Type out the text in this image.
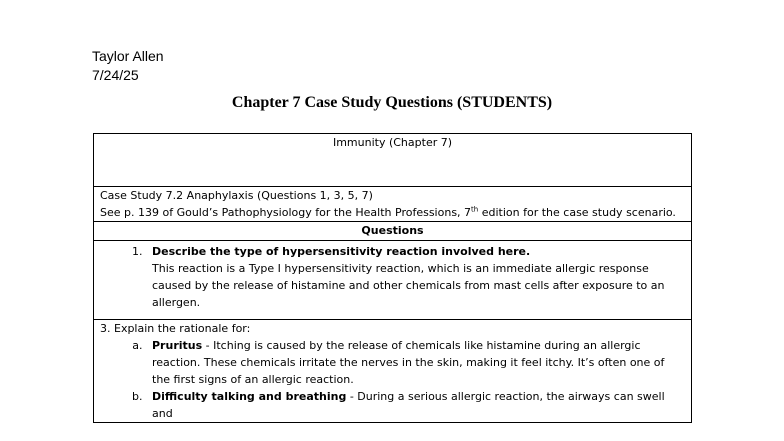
Taylor Allen
7/24/25
Chapter 7 Case Study Questions (STUDENTS)
Immunity (Chapter 7)

Case Study 7.2 Anaphylaxis (Questions 1, 3, 5, 7)
See p. 139 of Gould’s Pathophysiology for the Health Professions, 7th edition for the case study scenario.

Questions

1. Describe the type of hypersensitivity reaction involved here.
This reaction is a Type I hypersensitivity reaction, which is an immediate allergic response caused by the release of histamine and other chemicals from mast cells after exposure to an allergen.

3. Explain the rationale for:
a. Pruritus - Itching is caused by the release of chemicals like histamine during an allergic reaction. These chemicals irritate the nerves in the skin, making it feel itchy. It’s often one of the first signs of an allergic reaction.
b. Difficulty talking and breathing - During a serious allergic reaction, the airways can swell and
